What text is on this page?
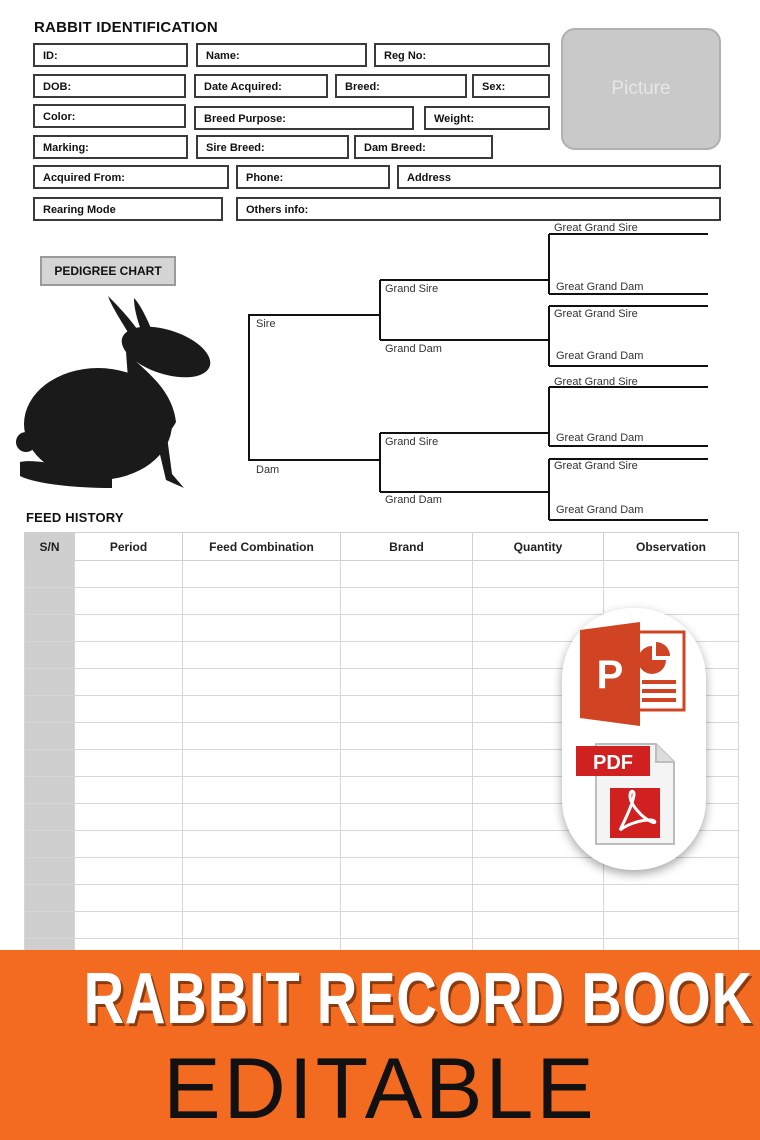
RABBIT IDENTIFICATION
ID:	Name:	Reg No:
DOB:	Date Acquired:	Breed:	Sex:
Color:	Breed Purpose:	Weight:
Marking:	Sire Breed:	Dam Breed:
Acquired From:	Phone:	Address
Rearing Mode	Others info:
Picture
PEDIGREE CHART
Sire
Dam
Grand Sire
Grand Dam
Grand Sire
Grand Dam
Great Grand Sire
Great Grand Dam
Great Grand Sire
Great Grand Dam
Great Grand Sire
Great Grand Dam
Great Grand Sire
Great Grand Dam
FEED HISTORY
S/N	Period	Feed Combination	Brand	Quantity	Observation

P
PDF
RABBIT RECORD BOOK
EDITABLE
